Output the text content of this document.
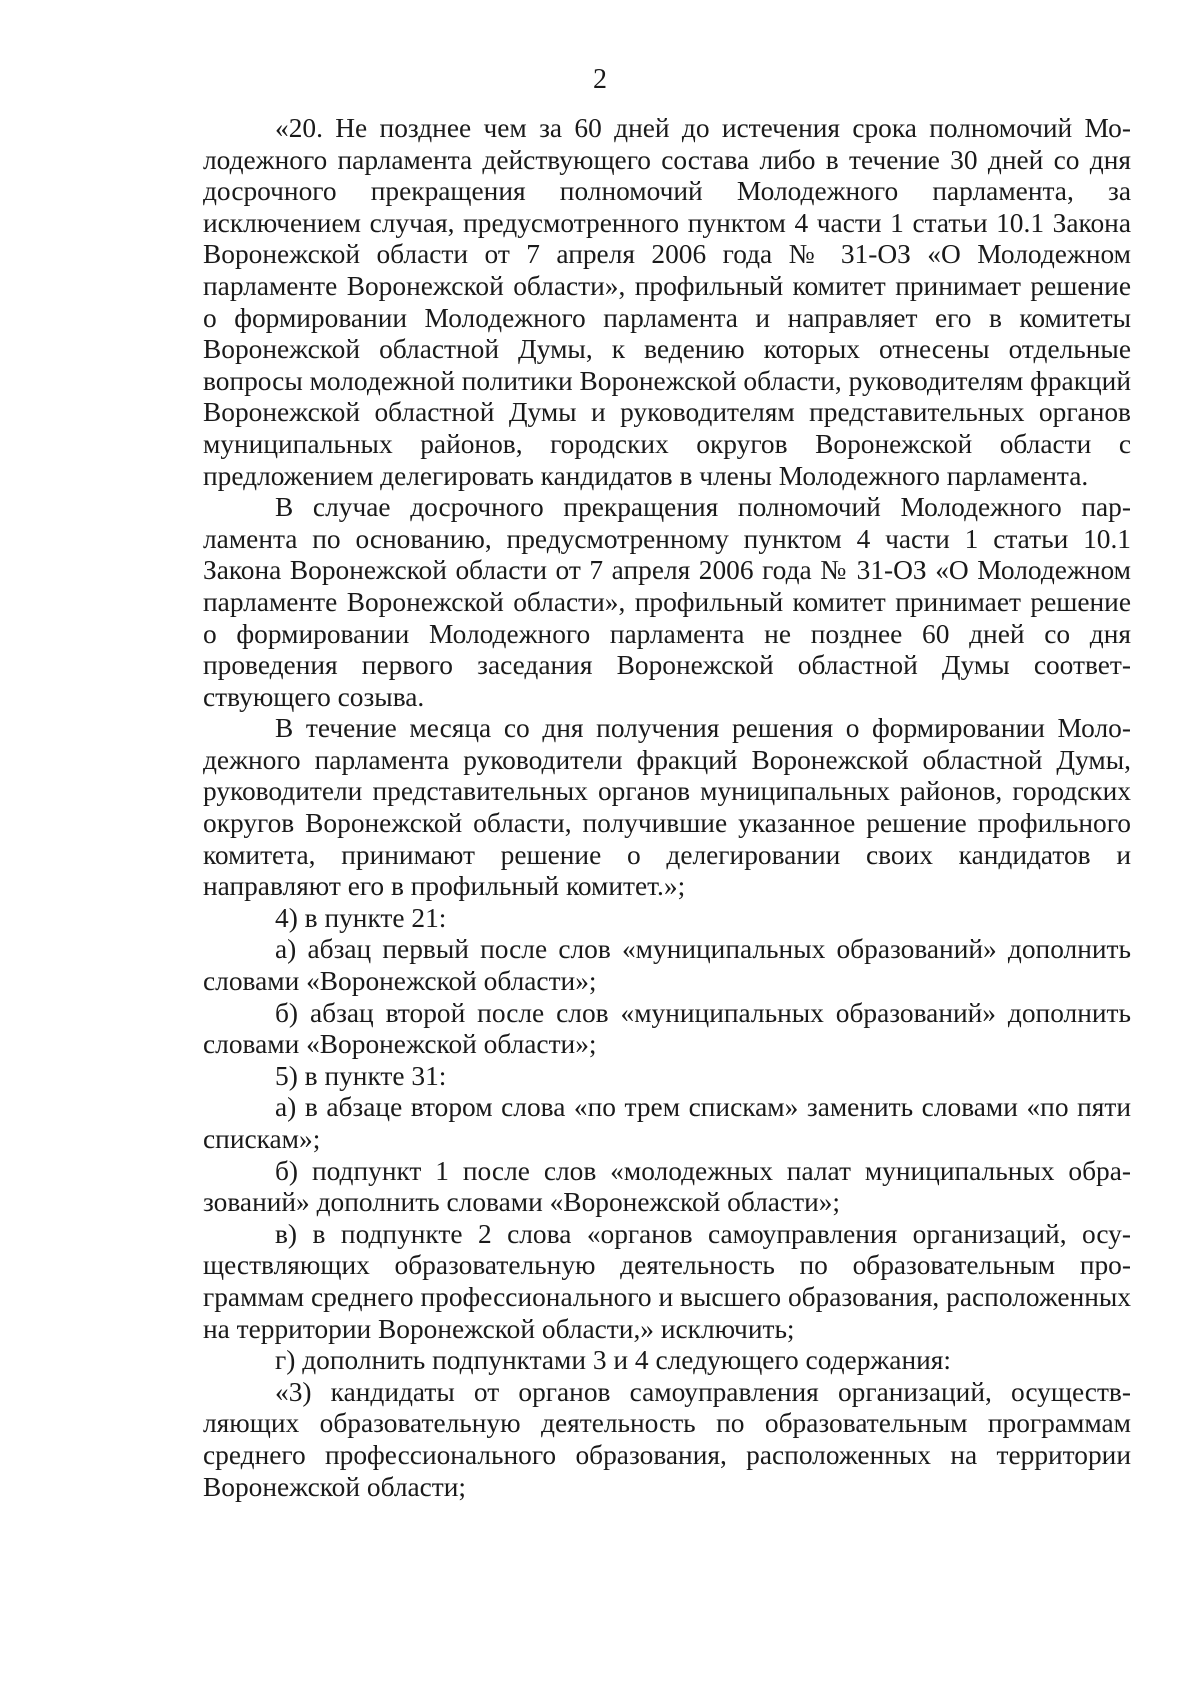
2

«20. Не позднее чем за 60 дней до истечения срока полномочий Молодежного парламента действующего состава либо в течение 30 дней со дня досрочного прекращения полномочий Молодежного парламента, за исключением случая, предусмотренного пунктом 4 части 1 статьи 10.1 Закона Воронежской области от 7 апреля 2006 года № 31-ОЗ «О Молодежном парламенте Воронежской области», профильный комитет принимает решение о формировании Молодежного парламента и направляет его в комитеты Воронежской областной Думы, к ведению которых отнесены отдельные вопросы молодежной политики Воронежской области, руководителям фракций Воронежской областной Думы и руководителям представительных органов муниципальных районов, городских округов Воронежской области с предложением делегировать кандидатов в члены Молодежного парламента.

В случае досрочного прекращения полномочий Молодежного парламента по основанию, предусмотренному пунктом 4 части 1 статьи 10.1 Закона Воронежской области от 7 апреля 2006 года № 31-ОЗ «О Молодежном парламенте Воронежской области», профильный комитет принимает решение о формировании Молодежного парламента не позднее 60 дней со дня проведения первого заседания Воронежской областной Думы соответствующего созыва.

В течение месяца со дня получения решения о формировании Молодежного парламента руководители фракций Воронежской областной Думы, руководители представительных органов муниципальных районов, городских округов Воронежской области, получившие указанное решение профильного комитета, принимают решение о делегировании своих кандидатов и направляют его в профильный комитет.»;

4) в пункте 21:

а) абзац первый после слов «муниципальных образований» дополнить словами «Воронежской области»;

б) абзац второй после слов «муниципальных образований» дополнить словами «Воронежской области»;

5) в пункте 31:

а) в абзаце втором слова «по трем спискам» заменить словами «по пяти спискам»;

б) подпункт 1 после слов «молодежных палат муниципальных образований» дополнить словами «Воронежской области»;

в) в подпункте 2 слова «органов самоуправления организаций, осуществляющих образовательную деятельность по образовательным программам среднего профессионального и высшего образования, расположенных на территории Воронежской области,» исключить;

г) дополнить подпунктами 3 и 4 следующего содержания:

«3) кандидаты от органов самоуправления организаций, осуществляющих образовательную деятельность по образовательным программам среднего профессионального образования, расположенных на территории Воронежской области;
